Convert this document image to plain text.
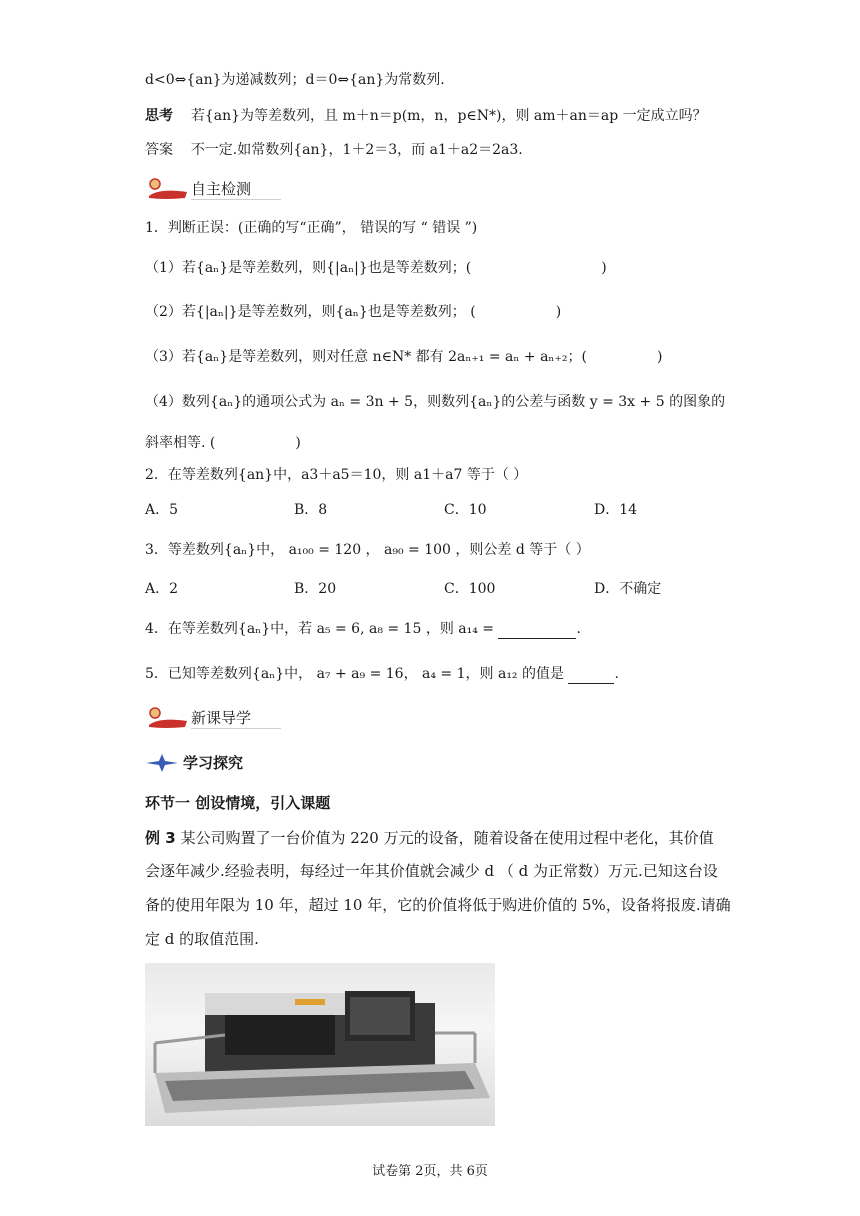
d<0⇔{an}为递减数列；d＝0⇔{an}为常数列.
思考 若{an}为等差数列，且 m＋n＝p(m，n，p∈N*)，则 am＋an＝ap 一定成立吗？
答案 不一定.如常数列{an}，1＋2＝3，而 a1＋a2＝2a3.
自主检测
1．判断正误：(正确的写“正确”， 错误的写 “ 错误 ”)
（1）若{aₙ}是等差数列，则{|aₙ|}也是等差数列；(	)
（2）若{|aₙ|}是等差数列，则{aₙ}也是等差数列； (	)
（3）若{aₙ}是等差数列，则对任意 n∈N* 都有 2aₙ₊₁ = aₙ + aₙ₊₂；(	)
（4）数列{aₙ}的通项公式为 aₙ = 3n + 5，则数列{aₙ}的公差与函数 y = 3x + 5 的图象的
斜率相等. (	)
2．在等差数列{an}中，a3＋a5＝10，则 a1＋a7 等于（ ）
A．5	B．8	C．10	D．14
3．等差数列{aₙ}中， a₁₀₀ = 120 ， a₉₀ = 100 ，则公差 d 等于（ ）
A．2	B．20	C．100	D．不确定
4．在等差数列{aₙ}中，若 a₅ = 6, a₈ = 15 ，则 a₁₄ =	.
5．已知等差数列{aₙ}中， a₇ + a₉ = 16， a₄ = 1，则 a₁₂ 的值是	.
新课导学
学习探究
环节一 创设情境，引入课题
例 3 某公司购置了一台价值为 220 万元的设备，随着设备在使用过程中老化，其价值
会逐年减少.经验表明，每经过一年其价值就会减少 d （ d 为正常数）万元.已知这台设
备的使用年限为 10 年，超过 10 年，它的价值将低于购进价值的 5%，设备将报废.请确
定 d 的取值范围.
试卷第 2页，共 6页
